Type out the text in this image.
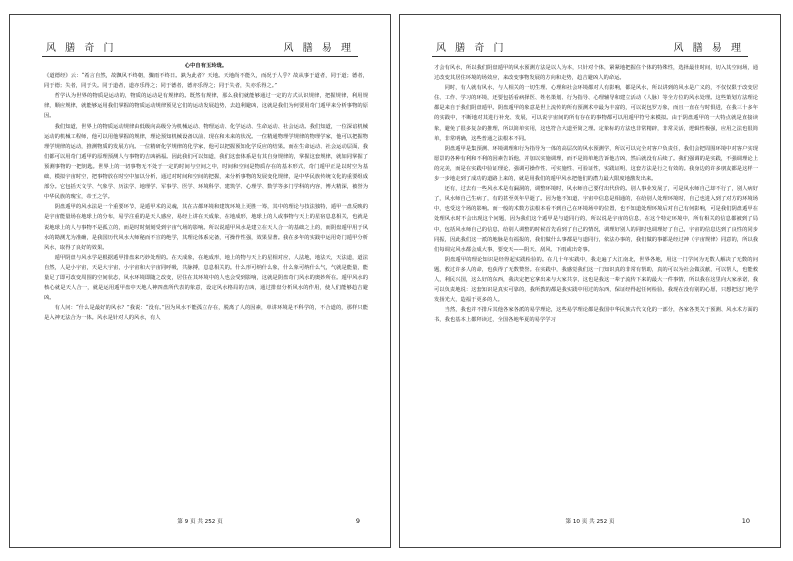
风 膳 奇 门	风 膳 易 理

心中自有玉玲珑。

《道德经》云：“希言自然，故飘风不终朝，骤雨不终日。孰为此者？天地。天地尚不能久，而况于人乎？故从事于道者，同于道；德者，同于德；失者，同于失。同于道者，道亦乐得之；同于德者，德亦乐得之；同于失者，失亦乐得之。”

哲学认为世界的物质是运动的，物质的运动是有规律的。既然有规律，那么我们就能够通过一定的方式认识规律，把握规律，利用规律，顺应规律，就能够运用我们掌握的物质运动规律预见它们的运动发展趋势，去趋利避凶，这就是我们为何要用奇门遁甲来分析事物的原因。

我们知道，世界上的物质运动规律由低级向高级分为机械运动、物理运动、化学运动、生命运动、社会运动。我们知道，一位深谙机械运动的机械工程师，他可以用他掌握的规律，理论预知机械设备以前、现在和未来的状况。一位精通物理学规律的物理学家，他可以把握物理学规律的运动，推测物质的发展方向。一位精研化学规律的化学家，他可以把握预知化学反应的结果。而在生命运动、社会运动层面，我们都可以用奇门遁甲的原理预测人与事物的吉凶祸福。因此我们可以知道，我们这套体系是有其自身规律的，掌握这套规律，就如同掌握了预测事物的一把钥匙。世界上的一切事物无不处于一定的时间与空间之中，时间和空间是物质存在的基本形式，奇门遁甲正是以时空为基础，模拟宇宙时空，把事物放在时空中加以分析，通过对时间和空间的把握，来分析事物的发展变化规律，是中华民族传统文化的重要组成部分。它包括天文学、气象学、历法学、地理学、军事学、医学、环境科学、建筑学、心理学、数学等多门学科的内容，博大精深，被誉为中华民族的瑰宝，帝王之学。

阴盘遁甲的风水法是一个重要环节，是遁甲术的灵魂，其在古都环境和建筑环境上更胜一筹，其中的理论与技法独特，遁甲一盘反映的是宇宙能量场在地球上的分布，易学注重的是天人感应，易经上讲在天成象，在地成形，地球上的人或事物与天上的星宿息息相关，也就是说地球上的人与事物不是孤立的，而是时时刻刻受到宇宙气场的影响。所以说遁甲风水是建立在天人合一的基础之上的，而阴盘遁甲用于风水的勘测尤为准确，是我国历代风水大师秘而不宣的绝学，其理论体系完备，可操作性强，效果显著。我在多年的实践中运用奇门遁甲分析风水，取得了良好的效果。

遁甲阴盘与风水学是根据遁甲排盘来巧妙处理的。在天成象，在地成形，地上的物与天上的星相对应，人法地，地法天，天法道，道法自然，人是小宇宙，天是大宇宙，小宇宙和大宇宙同呼吸，共脉搏，息息相关的。什么形可纳什么象，什么象可纳什么气，气就是能量，能量足了即可改变周围的空间状态，风水环境即随之改变，居住在其环境中的人也会受到影响，这就是阴盘奇门风水的奥妙所在。遁甲风水的核心就是天人合一，就是运用遁甲盘中天地人神四盘所代表的象意，设定风水格局的吉凶，通过排盘分析风水的作用，使人们能够趋吉避凶。

有人问：“什么是最好的风水？”我说：“没有。”因为风水不能孤立存在，脱离了人的因素，单讲环境是不科学的，不合道的，那样只能是入神无法合为一体。风水是针对人的风水，有人

第 9 页 共 252 页	9
风 膳 奇 门	风 膳 易 理

才会有风水，所以我们阴盘遁甲的风水预测方法是以人为本，只针对个体，紧紧地把握住个体的特殊性，选择最佳时间，切入其空间场，通过改变其居住环境的场效应，来改变事物发展的方向和走势，趋吉避凶人的命运。

同时，有人就有风水，与人相关的一切生理、心理和社会环境都对人有影响，都是风水，所以讲到的风水是广义的，不仅仅限于改变居住、工作、学习的环境，还要包括看病择医、姓名策划、行为指导、心理辅导和建立活动（人脉）等全方位的风水处理。这些策划方法理论都是来自于我们阴盘遁甲。阴盘遁甲的象意是世上流传的所有预测术中最为丰富的，可以说包罗万象，而且一直在与时俱进，在我三十多年的实践中，不断地对其进行补充、发展，可以说宇宙间的所有存在的事物都可以用遁甲符号来模拟。由于阴盘遁甲的一大特点就是直接读象，避免了很多复杂的推理，所以简单实用，这也符合大道至简之理。定象标的方法也非常精辟，非常灵活，逻辑性极强，应用之法也很简单，非常明确，这些普通之法根本不同。

阴盘遁甲是集预测、环境调理和行为指导为一体的高层次的风水预测学，所以可以完全对客户负责任，我们会把周围环境中对客户实现愿景的各种有利和不利的因素告诉他，并加以实施调理，而不是简单地告诉他吉凶，然后就没有后续了。我们强调的是实践，不强调理论上的完美，而是在实践中验证理论，强调可操作性、可实施性、可验证性，实践证明，这套方法是行之有效的。我身边的许多朋友都是这样一步一步地走到了成功的道路上来的，就是用我们的遁甲风水把他们的潜力最大限度地激发出来。

还有，过去有一些风水术是有漏洞的，调整环境时，风水师自己要付出代价的。别人事业发展了，可是风水师自己却不行了，别人病好了，风水师自己生病了，有的甚至英年早逝了。因为他不知道，宇宙中信息是相通的，在给别人处理环境时，自己也进入到了对方的环境场中，也受这个场的影响。而一般的术数方法根本看不到自己在环境场中的位置，也不知道处理环境后对自己有何影响，可是我们阴盘遁甲在处理风水时不会出现这个问题，因为我们这个遁甲是与道同行的，所以说是宇宙的信息，在这个特定环境中，所有相关的信息都被到了局中，包括风水师自己的信息，给别人调整的时候首先看到了自己的情况，调理好别人的同时也调理好了自己，宇宙的信息达到了良性的同步同振，因此我们这一派的地脉是有福报的，我们做什么事都是与道同行，依法办事的，我们做的事都是经过神（宇宙规律）同意的，所以我们每调完风水都会成大事，要变天——阴天、刮风、下雨或出奇事。

阴盘遁甲的理论知识是经得起实践检验的。在几十年实践中，我走遍了大江南北，世界各地，用这一门学问为无数人解决了无数的问题，救过许多人的命，也获得了无数赞誉。在实践中，我感觉我们这一门知识真的非常有帮助，真的可以为社会做贡献，可以帮人，也能救人，利民兴国，这么好的东西，我决定把它拿出来与大家共享，这也是我这一辈子流传下来的最大一件事情，所以我在这里向大家承诺，我可以负责地说：这套知识是真实可靠的，我所教的都是我实践中用过的东西，保证经得起任何检验。我现在没有别的心愿，只想把这门绝学发扬光大，造福于更多的人。

当然，我也并不排斥其他各家各派的易学理论，这些易学理论都是我国中华民族古代文化的一部分，各家各类关于预测、风水术方面的书，我也基本上都拜读过，全国各地华夏的易学学习

第 10 页 共 252 页	10
